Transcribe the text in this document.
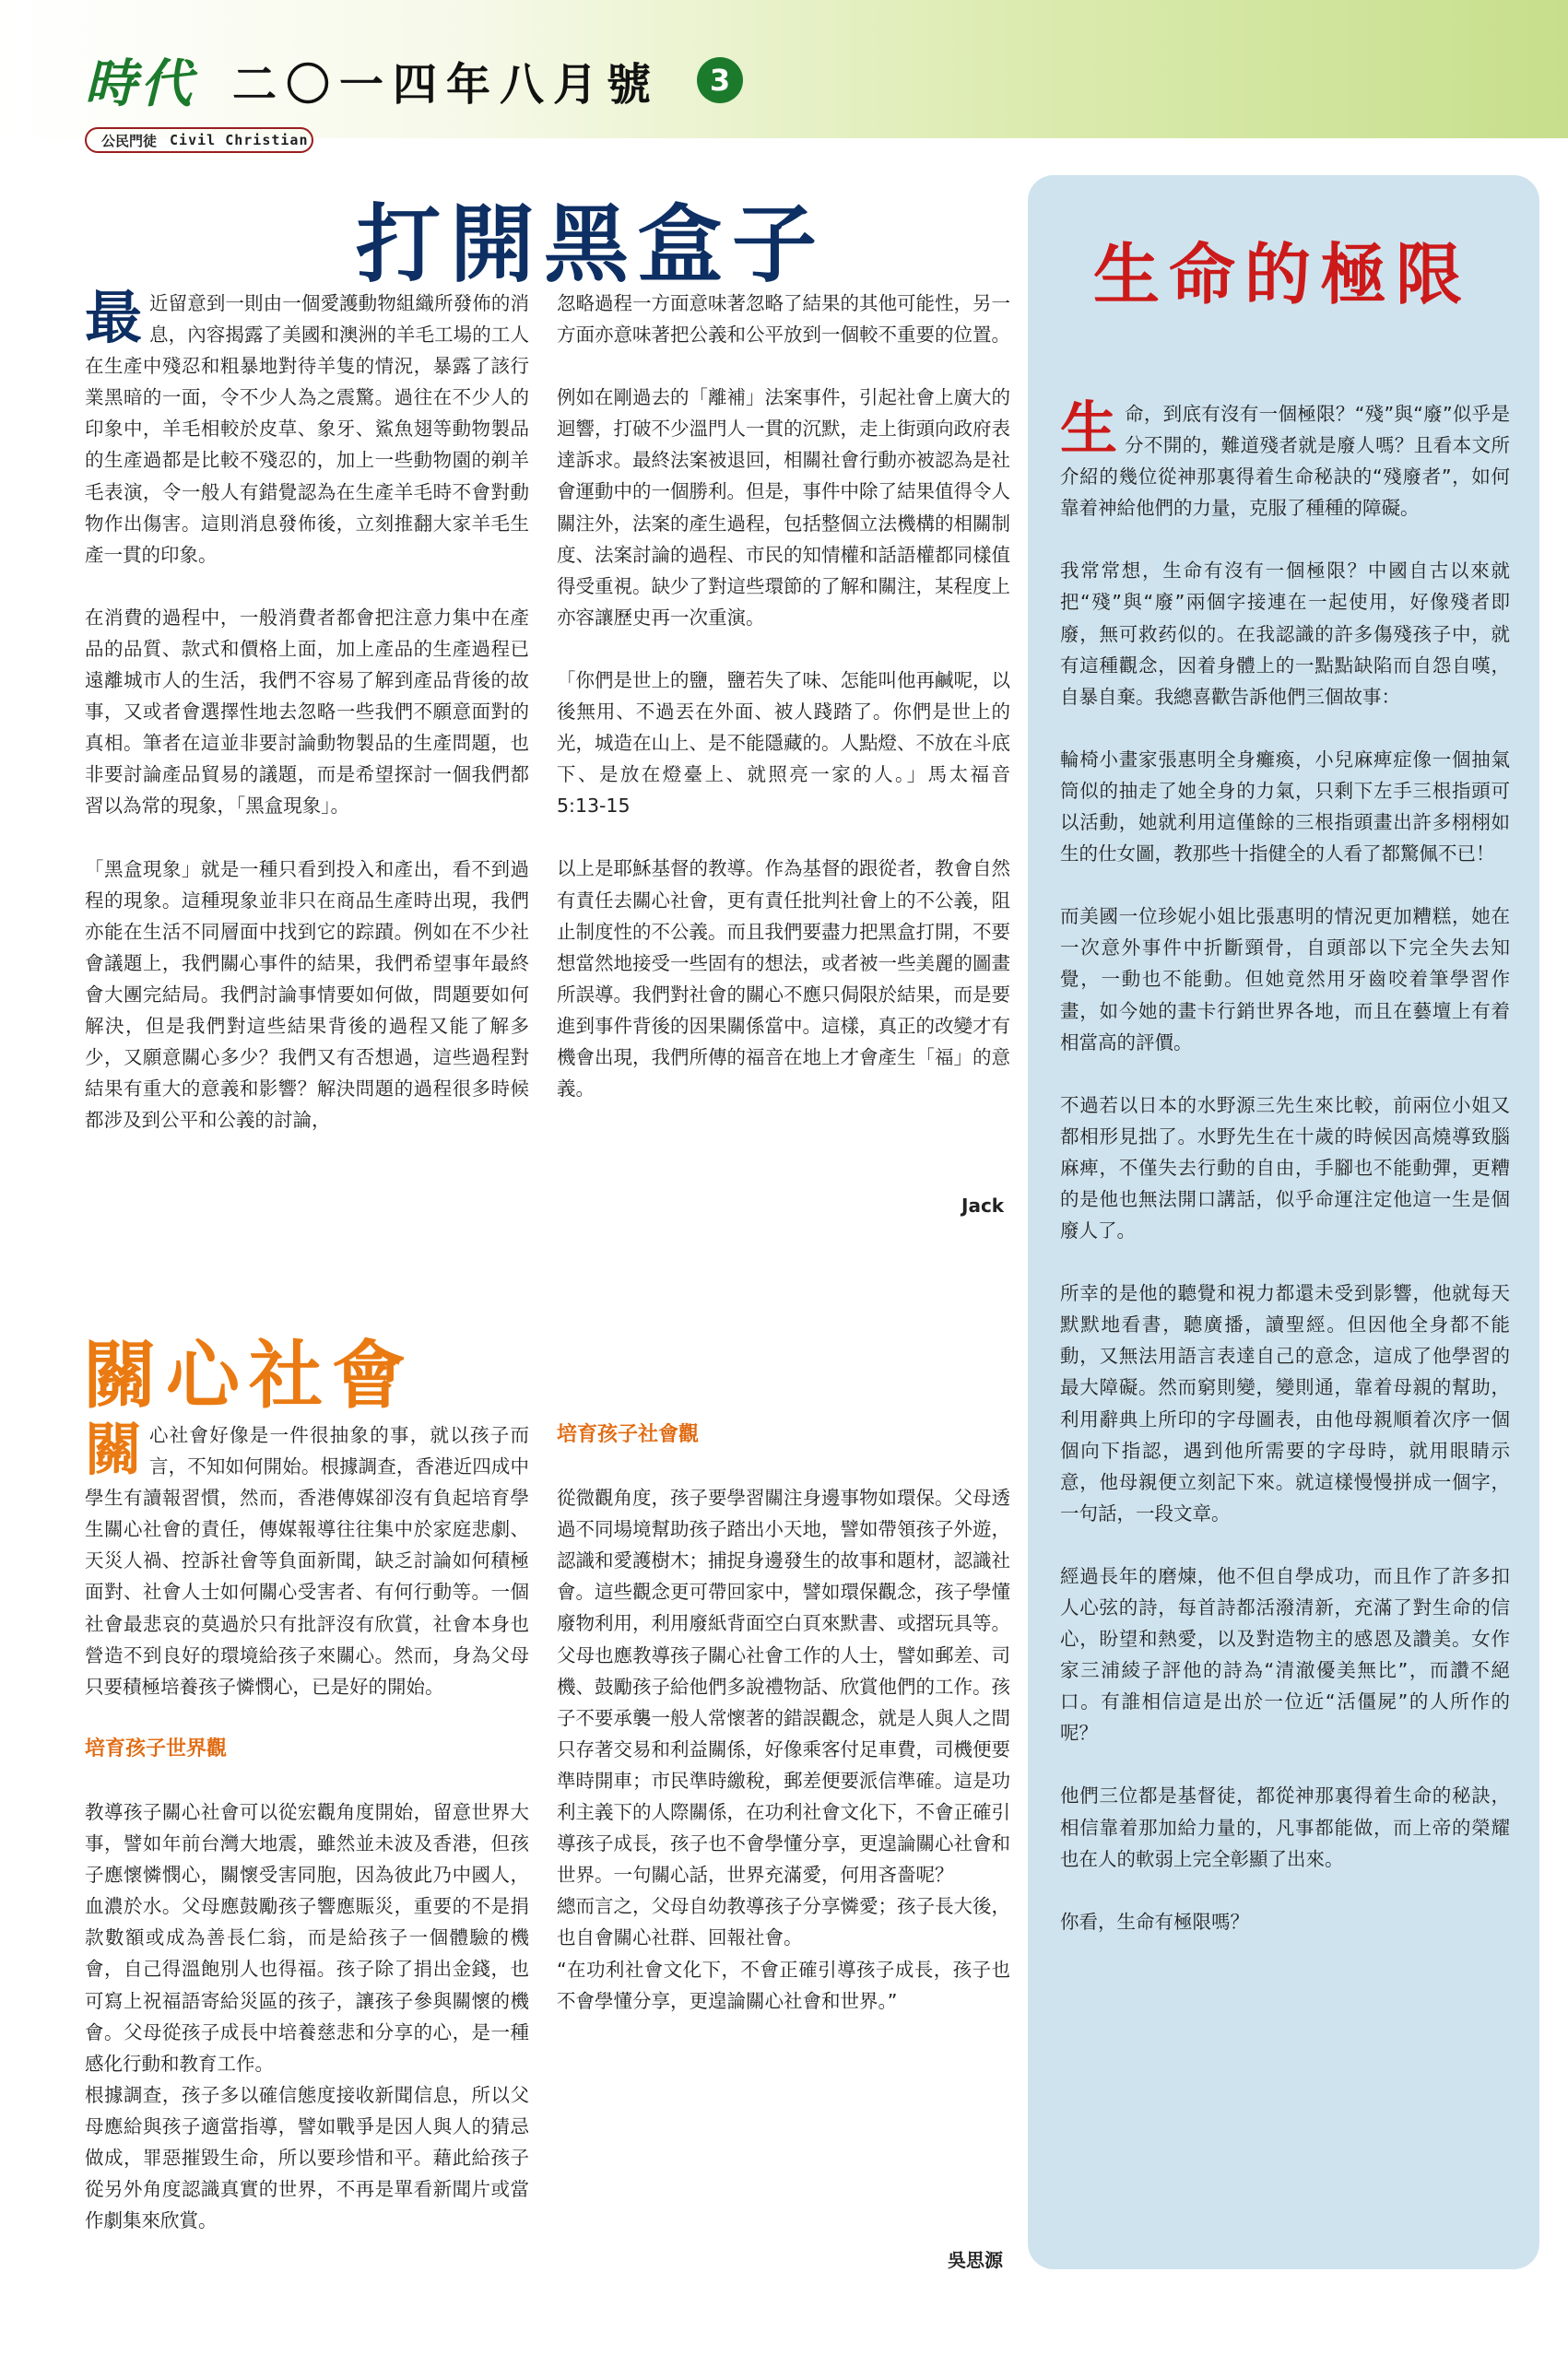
時代 二〇一四年八月號	3
公民門徒 Civil Christian
打開黑盒子

最近留意到一則由一個愛護動物組織所發佈的消息，內容揭露了美國和澳洲的羊毛工場的工人在生產中殘忍和粗暴地對待羊隻的情況，暴露了該行業黑暗的一面，令不少人為之震驚。過往在不少人的印象中，羊毛相較於皮草、象牙、鯊魚翅等動物製品的生產過都是比較不殘忍的，加上一些動物園的剃羊毛表演，令一般人有錯覺認為在生產羊毛時不會對動物作出傷害。這則消息發佈後，立刻推翻大家羊毛生產一貫的印象。

在消費的過程中，一般消費者都會把注意力集中在產品的品質、款式和價格上面，加上產品的生產過程已遠離城市人的生活，我們不容易了解到產品背後的故事，又或者會選擇性地去忽略一些我們不願意面對的真相。筆者在這並非要討論動物製品的生產問題，也非要討論產品貿易的議題，而是希望探討一個我們都習以為常的現象，「黑盒現象」。

「黑盒現象」就是一種只看到投入和產出，看不到過程的現象。這種現象並非只在商品生產時出現，我們亦能在生活不同層面中找到它的踪蹟。例如在不少社會議題上，我們關心事件的結果，我們希望事年最終會大團完結局。我們討論事情要如何做，問題要如何解決，但是我們對這些結果背後的過程又能了解多少，又願意關心多少？我們又有否想過，這些過程對結果有重大的意義和影響？解決問題的過程很多時候都涉及到公平和公義的討論，

忽略過程一方面意味著忽略了結果的其他可能性，另一方面亦意味著把公義和公平放到一個較不重要的位置。

例如在剛過去的「離補」法案事件，引起社會上廣大的迴響，打破不少溫門人一貫的沉默，走上街頭向政府表達訴求。最終法案被退回，相關社會行動亦被認為是社會運動中的一個勝利。但是，事件中除了結果值得令人關注外，法案的產生過程，包括整個立法機構的相關制度、法案討論的過程、市民的知情權和話語權都同樣值得受重視。缺少了對這些環節的了解和關注，某程度上亦容讓歷史再一次重演。

「你們是世上的鹽，鹽若失了味、怎能叫他再鹹呢，以後無用、不過丟在外面、被人踐踏了。你們是世上的光，城造在山上、是不能隱藏的。人點燈、不放在斗底下、是放在燈臺上、就照亮一家的人。」馬太福音5:13-15

以上是耶穌基督的教導。作為基督的跟從者，教會自然有責任去關心社會，更有責任批判社會上的不公義，阻止制度性的不公義。而且我們要盡力把黑盒打開，不要想當然地接受一些固有的想法，或者被一些美麗的圖畫所誤導。我們對社會的關心不應只侷限於結果，而是要進到事件背後的因果關係當中。這樣，真正的改變才有機會出現，我們所傳的福音在地上才會產生「福」的意義。

Jack
關心社會

關心社會好像是一件很抽象的事，就以孩子而言，不知如何開始。根據調查，香港近四成中學生有讀報習慣，然而，香港傳媒卻沒有負起培育學生關心社會的責任，傳媒報導往往集中於家庭悲劇、天災人禍、控訴社會等負面新聞，缺乏討論如何積極面對、社會人士如何關心受害者、有何行動等。一個社會最悲哀的莫過於只有批評沒有欣賞，社會本身也營造不到良好的環境給孩子來關心。然而，身為父母只要積極培養孩子憐憫心，已是好的開始。

培育孩子世界觀

教導孩子關心社會可以從宏觀角度開始，留意世界大事，譬如年前台灣大地震，雖然並未波及香港，但孩子應懷憐憫心，關懷受害同胞，因為彼此乃中國人，血濃於水。父母應鼓勵孩子響應賑災，重要的不是捐款數額或成為善長仁翁，而是給孩子一個體驗的機會，自己得溫飽別人也得福。孩子除了捐出金錢，也可寫上祝福語寄給災區的孩子，讓孩子參與關懷的機會。父母從孩子成長中培養慈悲和分享的心，是一種感化行動和教育工作。

根據調查，孩子多以確信態度接收新聞信息，所以父母應給與孩子適當指導，譬如戰爭是因人與人的猜忌做成，罪惡摧毀生命，所以要珍惜和平。藉此給孩子從另外角度認識真實的世界，不再是單看新聞片或當作劇集來欣賞。

培育孩子社會觀

從微觀角度，孩子要學習關注身邊事物如環保。父母透過不同場境幫助孩子踏出小天地，譬如帶領孩子外遊，認識和愛護樹木；捕捉身邊發生的故事和題材，認識社會。這些觀念更可帶回家中，譬如環保觀念，孩子學懂廢物利用，利用廢紙背面空白頁來默書、或摺玩具等。

父母也應教導孩子關心社會工作的人士，譬如郵差、司機、鼓勵孩子給他們多說禮物話、欣賞他們的工作。孩子不要承襲一般人常懷著的錯誤觀念，就是人與人之間只存著交易和利益關係，好像乘客付足車費，司機便要準時開車；市民準時繳稅，郵差便要派信準確。這是功利主義下的人際關係，在功利社會文化下，不會正確引導孩子成長，孩子也不會學懂分享，更遑論關心社會和世界。一句關心話，世界充滿愛，何用吝嗇呢？

總而言之，父母自幼教導孩子分享憐愛；孩子長大後，也自會關心社群、回報社會。

“在功利社會文化下，不會正確引導孩子成長，孩子也不會學懂分享，更遑論關心社會和世界。”

吳思源
生命的極限

生命，到底有沒有一個極限？“殘”與“廢”似乎是分不開的，難道殘者就是廢人嗎？且看本文所介紹的幾位從神那裏得着生命秘訣的“殘廢者”，如何靠着神給他們的力量，克服了種種的障礙。

我常常想，生命有沒有一個極限？中國自古以來就把“殘”與“廢”兩個字接連在一起使用，好像殘者即廢，無可救药似的。在我認識的許多傷殘孩子中，就有這種觀念，因着身體上的一點點缺陷而自怨自嘆，自暴自棄。我總喜歡告訴他們三個故事：

輪椅小畫家張惠明全身癱瘓，小兒麻痺症像一個抽氣筒似的抽走了她全身的力氣，只剩下左手三根指頭可以活動，她就利用這僅餘的三根指頭畫出許多栩栩如生的仕女圖，教那些十指健全的人看了都驚佩不已！

而美國一位珍妮小姐比張惠明的情況更加糟糕，她在一次意外事件中折斷頸骨，自頭部以下完全失去知覺，一動也不能動。但她竟然用牙齒咬着筆學習作畫，如今她的畫卡行銷世界各地，而且在藝壇上有着相當高的評價。

不過若以日本的水野源三先生來比較，前兩位小姐又都相形見拙了。水野先生在十歲的時候因高燒導致腦麻痺，不僅失去行動的自由，手腳也不能動彈，更糟的是他也無法開口講話，似乎命運注定他這一生是個廢人了。

所幸的是他的聽覺和視力都還未受到影響，他就每天默默地看書，聽廣播，讀聖經。但因他全身都不能動，又無法用語言表達自己的意念，這成了他學習的最大障礙。然而窮則變，變則通，靠着母親的幫助，利用辭典上所印的字母圖表，由他母親順着次序一個個向下指認，遇到他所需要的字母時，就用眼睛示意，他母親便立刻記下來。就這樣慢慢拼成一個字，一句話，一段文章。

經過長年的磨煉，他不但自學成功，而且作了許多扣人心弦的詩，每首詩都活潑清新，充滿了對生命的信心，盼望和熱愛，以及對造物主的感恩及讚美。女作家三浦綾子評他的詩為“清澈優美無比”，而讚不絕口。有誰相信這是出於一位近“活僵屍”的人所作的呢？

他們三位都是基督徒，都從神那裏得着生命的秘訣，相信靠着那加給力量的，凡事都能做，而上帝的榮耀也在人的軟弱上完全彰顯了出來。

你看，生命有極限嗎？
